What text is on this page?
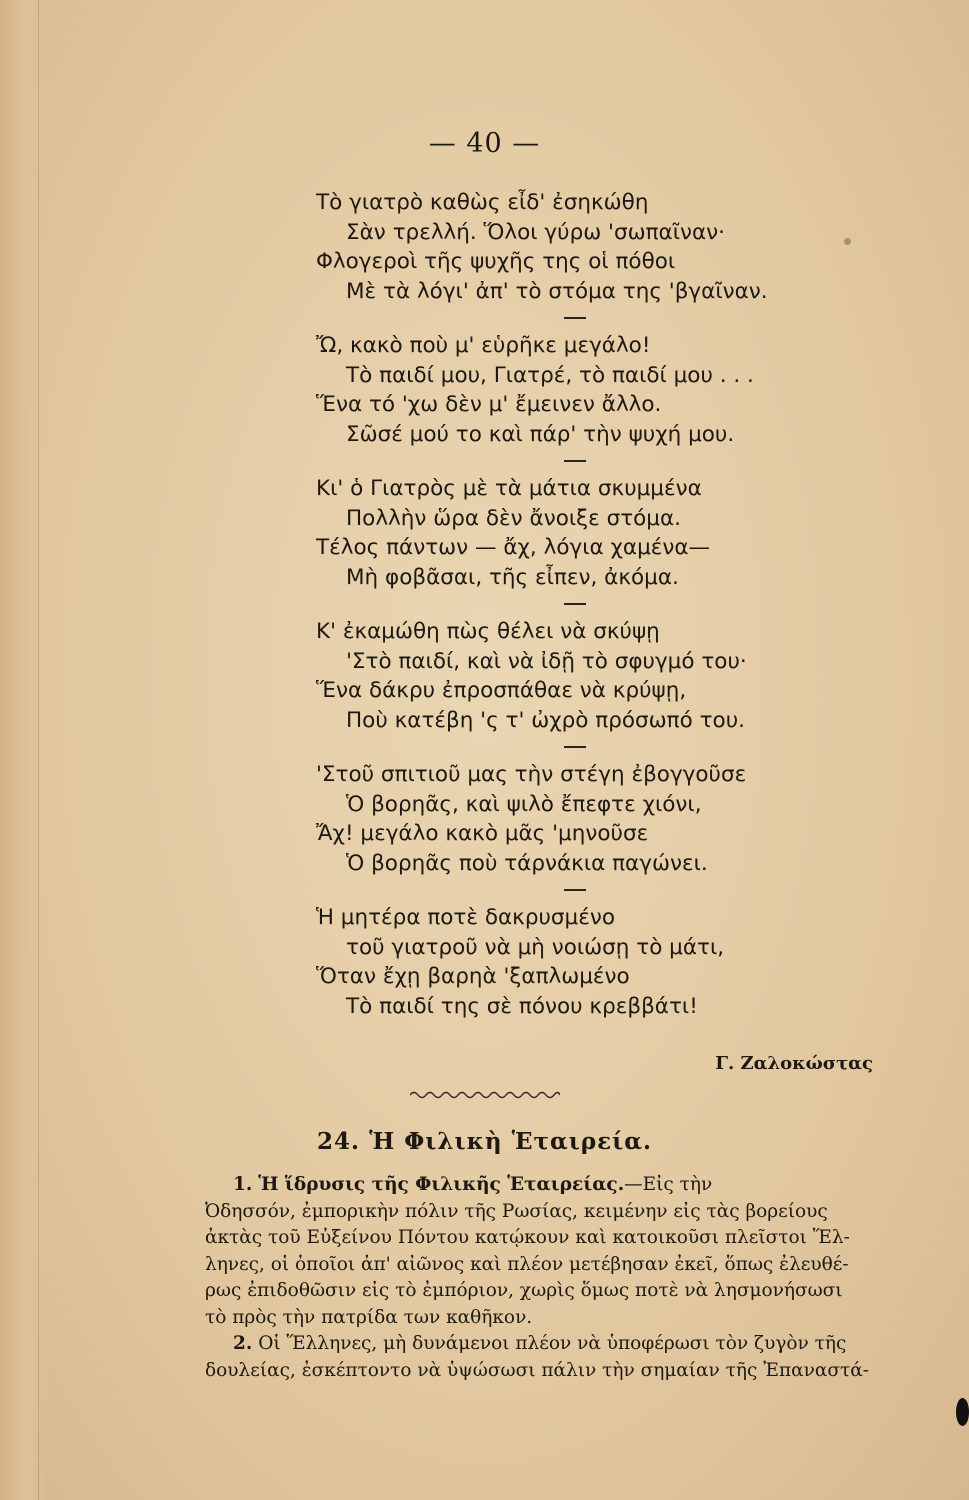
— 40 —
Τὸ γιατρὸ καθὼς εἶδ' ἐσηκώθη
Σὰν τρελλή. Ὅλοι γύρω 'σωπαῖναν·
Φλογεροὶ τῆς ψυχῆς της οἱ πόθοι
Μὲ τὰ λόγι' ἀπ' τὸ στόμα της 'βγαῖναν.
Ὤ, κακὸ ποὺ μ' εὑρῆκε μεγάλο!
Τὸ παιδί μου, Γιατρέ, τὸ παιδί μου . . .
Ἕνα τό 'χω δὲν μ' ἔμεινεν ἄλλο.
Σῶσέ μού το καὶ πάρ' τὴν ψυχή μου.
Κι' ὁ Γιατρὸς μὲ τὰ μάτια σκυμμένα
Πολλὴν ὥρα δὲν ἄνοιξε στόμα.
Τέλος πάντων — ἄχ, λόγια χαμένα—
Μὴ φοβᾶσαι, τῆς εἶπεν, ἀκόμα.
Κ' ἐκαμώθη πὼς θέλει νὰ σκύψῃ
'Στὸ παιδί, καὶ νὰ ἰδῇ τὸ σφυγμό του·
Ἕνα δάκρυ ἐπροσπάθαε νὰ κρύψῃ,
Ποὺ κατέβη 'ς τ' ὠχρὸ πρόσωπό του.
'Στοῦ σπιτιοῦ μας τὴν στέγη ἐβογγοῦσε
Ὁ βορηᾶς, καὶ ψιλὸ ἔπεφτε χιόνι,
Ἄχ! μεγάλο κακὸ μᾶς 'μηνοῦσε
Ὁ βορηᾶς ποὺ τάρνάκια παγώνει.
Ἡ μητέρα ποτὲ δακρυσμένο
τοῦ γιατροῦ νὰ μὴ νοιώσῃ τὸ μάτι,
Ὅταν ἔχῃ βαρηὰ 'ξαπλωμένο
Τὸ παιδί της σὲ πόνου κρεββάτι!
Γ. Ζαλοκώστας
24. Ἡ Φιλικὴ Ἑταιρεία.
1. Ἡ ἵδρυσις τῆς Φιλικῆς Ἑταιρείας.—Εἰς τὴν
Ὀδησσόν, ἐμπορικὴν πόλιν τῆς Ρωσίας, κειμένην εἰς τὰς βορείους
ἀκτὰς τοῦ Εὐξείνου Πόντου κατῴκουν καὶ κατοικοῦσι πλεῖστοι Ἕλ-
ληνες, οἱ ὁποῖοι ἀπ' αἰῶνος καὶ πλέον μετέβησαν ἐκεῖ, ὅπως ἐλευθέ-
ρως ἐπιδοθῶσιν εἰς τὸ ἐμπόριον, χωρὶς ὅμως ποτὲ νὰ λησμονήσωσι
τὸ πρὸς τὴν πατρίδα των καθῆκον.
2. Οἱ Ἕλληνες, μὴ δυνάμενοι πλέον νὰ ὑποφέρωσι τὸν ζυγὸν τῆς
δουλείας, ἐσκέπτοντο νὰ ὑψώσωσι πάλιν τὴν σημαίαν τῆς Ἐπαναστά-
